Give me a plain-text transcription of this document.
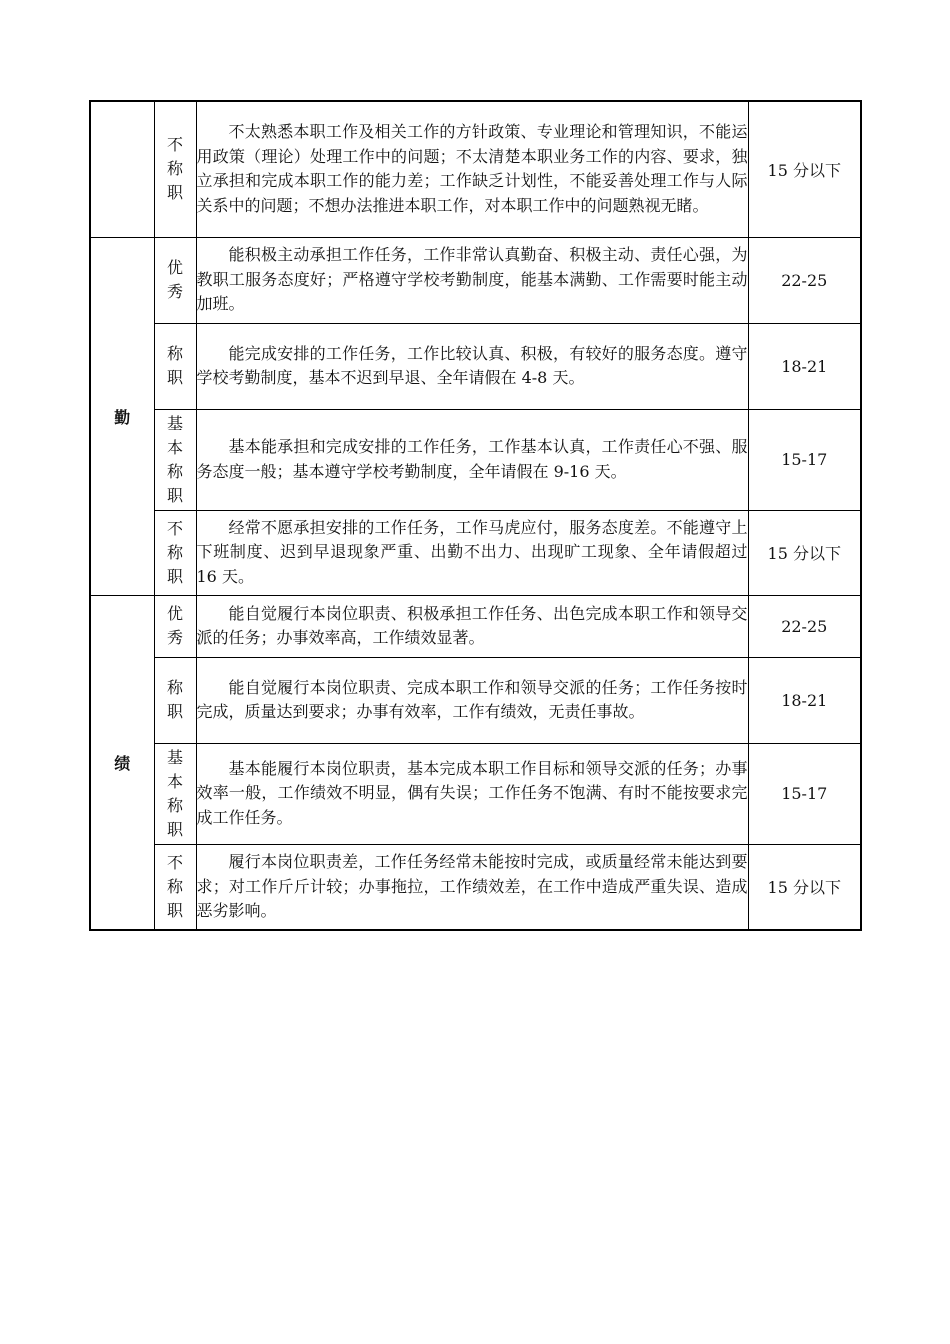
	不称职	不太熟悉本职工作及相关工作的方针政策、专业理论和管理知识，不能运用政策（理论）处理工作中的问题；不太清楚本职业务工作的内容、要求，独立承担和完成本职工作的能力差；工作缺乏计划性，不能妥善处理工作与人际关系中的问题；不想办法推进本职工作，对本职工作中的问题熟视无睹。	15 分以下
勤	优秀	能积极主动承担工作任务，工作非常认真勤奋、积极主动、责任心强，为教职工服务态度好；严格遵守学校考勤制度，能基本满勤、工作需要时能主动加班。	22-25
	称职	能完成安排的工作任务，工作比较认真、积极，有较好的服务态度。遵守学校考勤制度，基本不迟到早退、全年请假在 4-8 天。	18-21
	基本称职	基本能承担和完成安排的工作任务，工作基本认真，工作责任心不强、服务态度一般；基本遵守学校考勤制度，全年请假在 9-16 天。	15-17
	不称职	经常不愿承担安排的工作任务，工作马虎应付，服务态度差。不能遵守上下班制度、迟到早退现象严重、出勤不出力、出现旷工现象、全年请假超过 16 天。	15 分以下
绩	优秀	能自觉履行本岗位职责、积极承担工作任务、出色完成本职工作和领导交派的任务；办事效率高，工作绩效显著。	22-25
	称职	能自觉履行本岗位职责、完成本职工作和领导交派的任务；工作任务按时完成，质量达到要求；办事有效率，工作有绩效，无责任事故。	18-21
	基本称职	基本能履行本岗位职责，基本完成本职工作目标和领导交派的任务；办事效率一般，工作绩效不明显，偶有失误；工作任务不饱满、有时不能按要求完成工作任务。	15-17
	不称职	履行本岗位职责差，工作任务经常未能按时完成，或质量经常未能达到要求；对工作斤斤计较；办事拖拉，工作绩效差，在工作中造成严重失误、造成恶劣影响。	15 分以下
